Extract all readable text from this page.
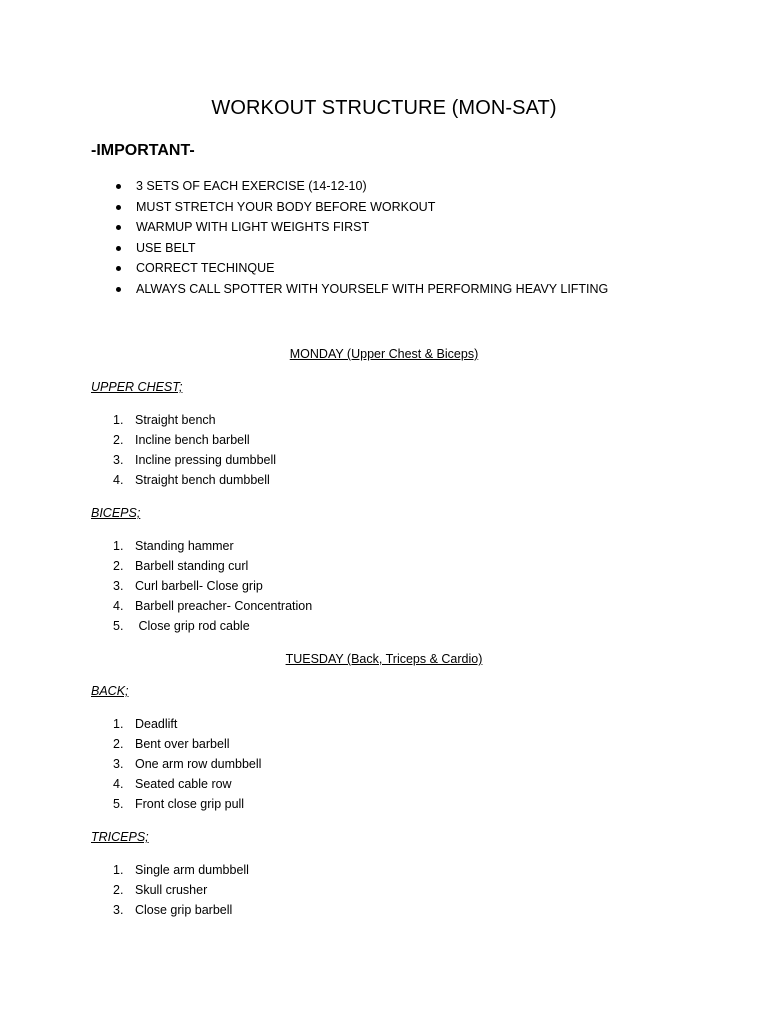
WORKOUT STRUCTURE (MON-SAT)
-IMPORTANT-
3 SETS OF EACH EXERCISE (14-12-10)
MUST STRETCH YOUR BODY BEFORE WORKOUT
WARMUP WITH LIGHT WEIGHTS FIRST
USE BELT
CORRECT TECHINQUE
ALWAYS CALL SPOTTER WITH YOURSELF WITH PERFORMING HEAVY LIFTING
MONDAY (Upper Chest & Biceps)
UPPER CHEST;
1. Straight bench
2. Incline bench barbell
3. Incline pressing dumbbell
4. Straight bench dumbbell
BICEPS;
1. Standing hammer
2. Barbell standing curl
3. Curl barbell- Close grip
4. Barbell preacher- Concentration
5. Close grip rod cable
TUESDAY (Back, Triceps & Cardio)
BACK;
1. Deadlift
2. Bent over barbell
3. One arm row dumbbell
4. Seated cable row
5. Front close grip pull
TRICEPS;
1. Single arm dumbbell
2. Skull crusher
3. Close grip barbell
